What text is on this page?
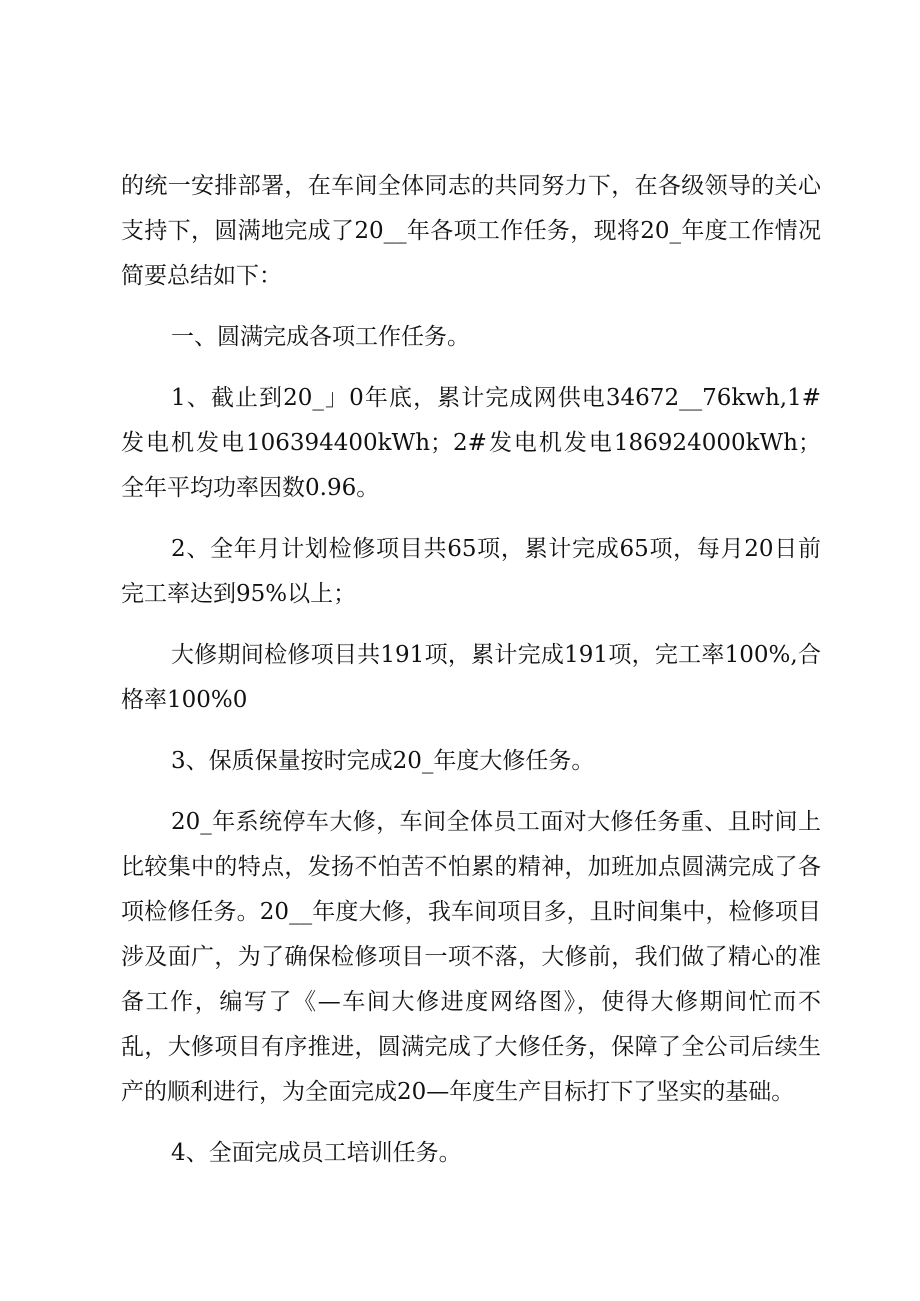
的统一安排部署，在车间全体同志的共同努力下，在各级领导的关心支持下，圆满地完成了20__年各项工作任务，现将20_年度工作情况简要总结如下：

一、圆满完成各项工作任务。

1、截止到20_」0年底，累计完成网供电34672__76kwh,1#发电机发电106394400kWh；2#发电机发电186924000kWh；全年平均功率因数0.96。

2、全年月计划检修项目共65项，累计完成65项，每月20日前完工率达到95%以上；

大修期间检修项目共191项，累计完成191项，完工率100%,合格率100%0

3、保质保量按时完成20_年度大修任务。

20_年系统停车大修，车间全体员工面对大修任务重、且时间上比较集中的特点，发扬不怕苦不怕累的精神，加班加点圆满完成了各项检修任务。20__年度大修，我车间项目多，且时间集中，检修项目涉及面广，为了确保检修项目一项不落，大修前，我们做了精心的准备工作，编写了《—车间大修进度网络图》，使得大修期间忙而不乱，大修项目有序推进，圆满完成了大修任务，保障了全公司后续生产的顺利进行，为全面完成20—年度生产目标打下了坚实的基础。

4、全面完成员工培训任务。
